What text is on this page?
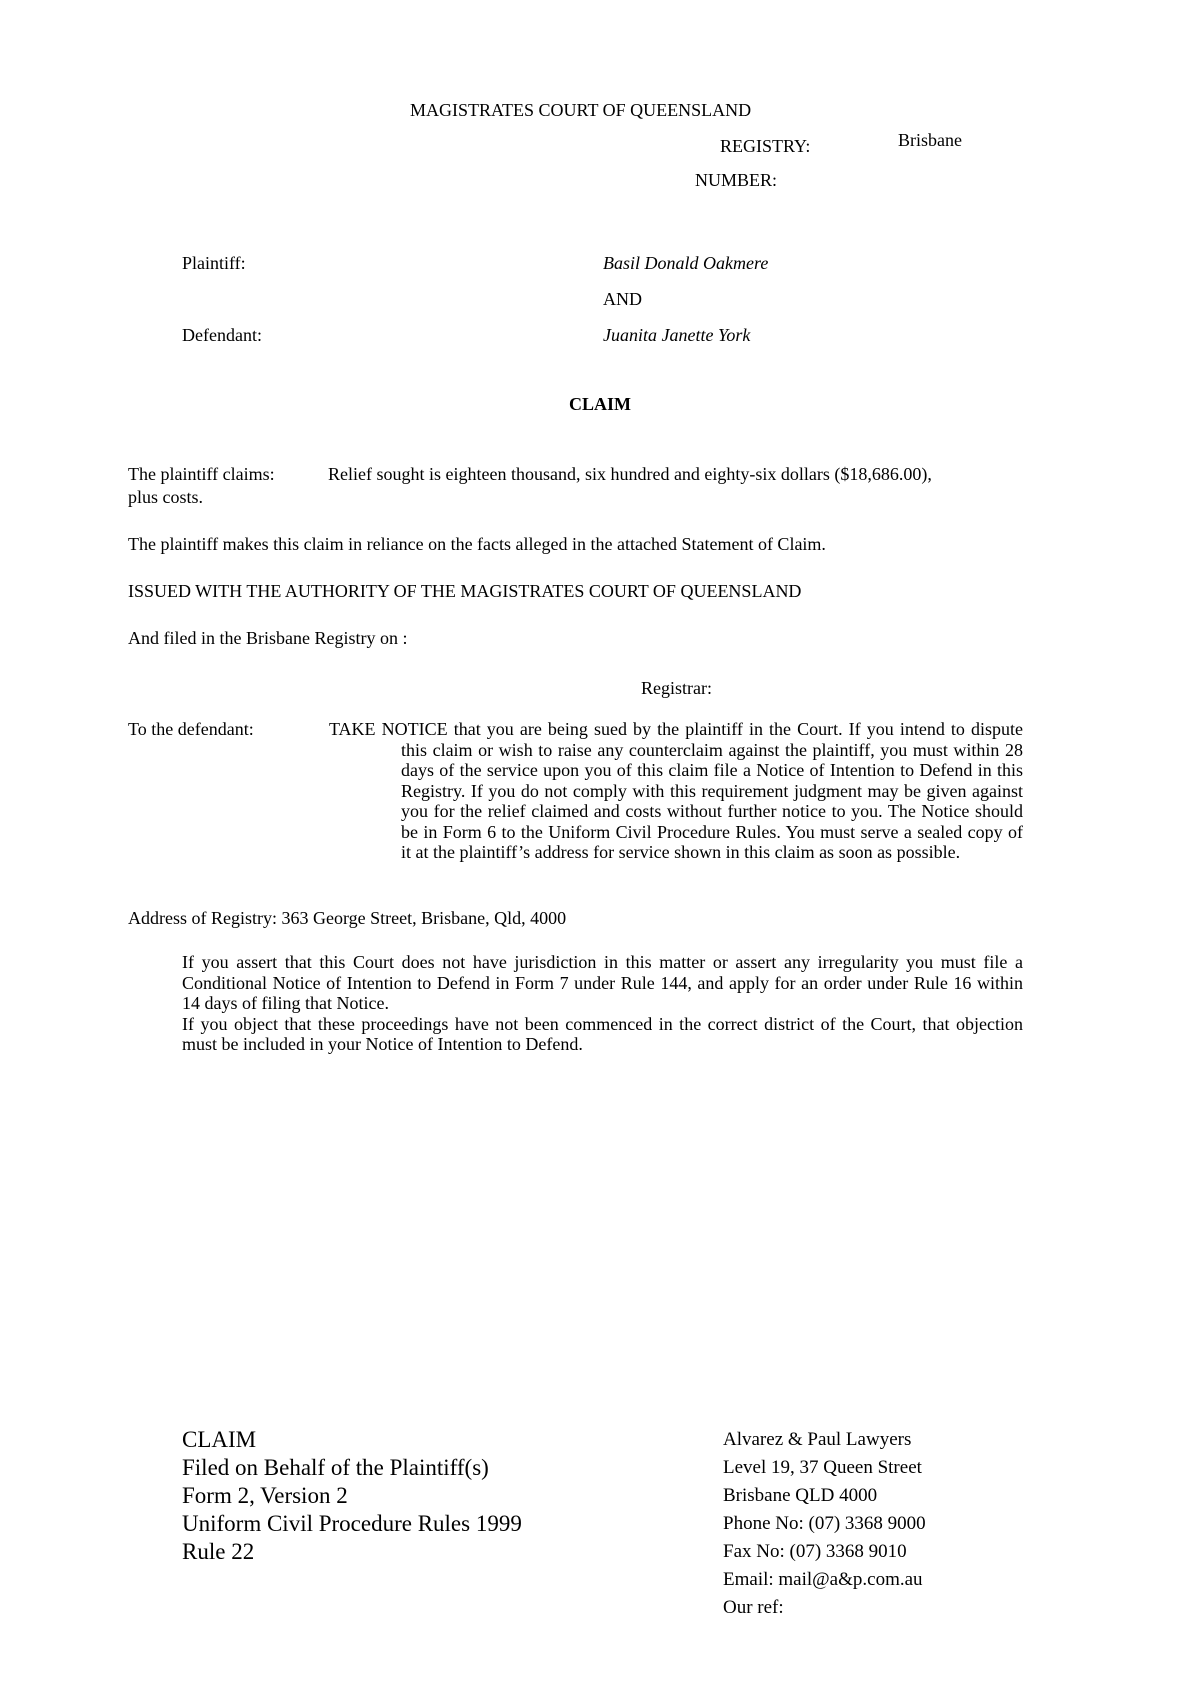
MAGISTRATES COURT OF QUEENSLAND
REGISTRY:	Brisbane
NUMBER:
Plaintiff:	Basil Donald Oakmere
AND
Defendant:	Juanita Janette York
CLAIM
The plaintiff claims:	Relief sought is eighteen thousand, six hundred and eighty-six dollars ($18,686.00),
plus costs.
The plaintiff makes this claim in reliance on the facts alleged in the attached Statement of Claim.
ISSUED WITH THE AUTHORITY OF THE MAGISTRATES COURT OF QUEENSLAND
And filed in the Brisbane Registry on :
Registrar:
To the defendant:	TAKE NOTICE that you are being sued by the plaintiff in the Court. If you intend to dispute this claim or wish to raise any counterclaim against the plaintiff, you must within 28 days of the service upon you of this claim file a Notice of Intention to Defend in this Registry. If you do not comply with this requirement judgment may be given against you for the relief claimed and costs without further notice to you. The Notice should be in Form 6 to the Uniform Civil Procedure Rules. You must serve a sealed copy of it at the plaintiff’s address for service shown in this claim as soon as possible.
Address of Registry: 363 George Street, Brisbane, Qld, 4000

If you assert that this Court does not have jurisdiction in this matter or assert any irregularity you must file a Conditional Notice of Intention to Defend in Form 7 under Rule 144, and apply for an order under Rule 16 within 14 days of filing that Notice.

If you object that these proceedings have not been commenced in the correct district of the Court, that objection must be included in your Notice of Intention to Defend.

CLAIM
Filed on Behalf of the Plaintiff(s)
Form 2, Version 2
Uniform Civil Procedure Rules 1999
Rule 22
Alvarez & Paul Lawyers
Level 19, 37 Queen Street
Brisbane QLD 4000
Phone No: (07) 3368 9000
Fax No: (07) 3368 9010
Email: mail@a&p.com.au
Our ref:
